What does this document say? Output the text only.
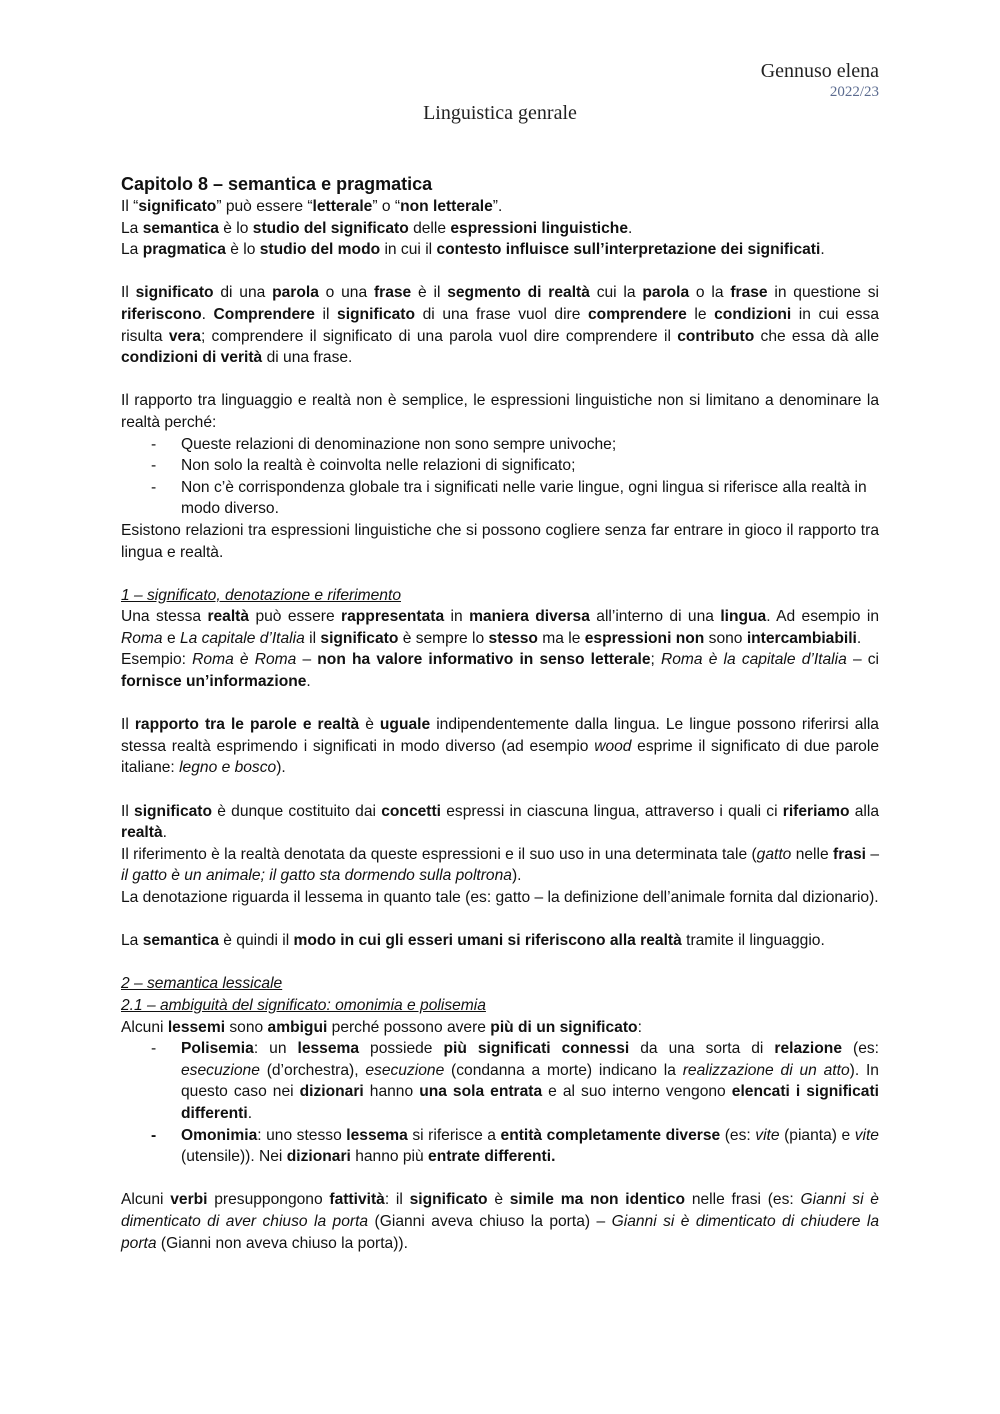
Gennuso elena
2022/23
Linguistica genrale

Capitolo 8 – semantica e pragmatica

Il “significato” può essere “letterale” o “non letterale”.

La semantica è lo studio del significato delle espressioni linguistiche.

La pragmatica è lo studio del modo in cui il contesto influisce sull’interpretazione dei significati.

Il significato di una parola o una frase è il segmento di realtà cui la parola o la frase in questione si riferiscono. Comprendere il significato di una frase vuol dire comprendere le condizioni in cui essa risulta vera; comprendere il significato di una parola vuol dire comprendere il contributo che essa dà alle condizioni di verità di una frase.

Il rapporto tra linguaggio e realtà non è semplice, le espressioni linguistiche non si limitano a denominare la realtà perché:

- Queste relazioni di denominazione non sono sempre univoche;
- Non solo la realtà è coinvolta nelle relazioni di significato;
- Non c’è corrispondenza globale tra i significati nelle varie lingue, ogni lingua si riferisce alla realtà in modo diverso.

Esistono relazioni tra espressioni linguistiche che si possono cogliere senza far entrare in gioco il rapporto tra lingua e realtà.

1 – significato, denotazione e riferimento

Una stessa realtà può essere rappresentata in maniera diversa all’interno di una lingua. Ad esempio in Roma e La capitale d’Italia il significato è sempre lo stesso ma le espressioni non sono intercambiabili.

Esempio: Roma è Roma – non ha valore informativo in senso letterale; Roma è la capitale d’Italia – ci fornisce un’informazione.

Il rapporto tra le parole e realtà è uguale indipendentemente dalla lingua. Le lingue possono riferirsi alla stessa realtà esprimendo i significati in modo diverso (ad esempio wood esprime il significato di due parole italiane: legno e bosco).

Il significato è dunque costituito dai concetti espressi in ciascuna lingua, attraverso i quali ci riferiamo alla realtà.

Il riferimento è la realtà denotata da queste espressioni e il suo uso in una determinata tale (gatto nelle frasi – il gatto è un animale; il gatto sta dormendo sulla poltrona).

La denotazione riguarda il lessema in quanto tale (es: gatto – la definizione dell’animale fornita dal dizionario).

La semantica è quindi il modo in cui gli esseri umani si riferiscono alla realtà tramite il linguaggio.

2 – semantica lessicale

2.1 – ambiguità del significato: omonimia e polisemia

Alcuni lessemi sono ambigui perché possono avere più di un significato:

- Polisemia: un lessema possiede più significati connessi da una sorta di relazione (es: esecuzione (d’orchestra), esecuzione (condanna a morte) indicano la realizzazione di un atto). In questo caso nei dizionari hanno una sola entrata e al suo interno vengono elencati i significati differenti.
- Omonimia: uno stesso lessema si riferisce a entità completamente diverse (es: vite (pianta) e vite (utensile)). Nei dizionari hanno più entrate differenti.

Alcuni verbi presuppongono fattività: il significato è simile ma non identico nelle frasi (es: Gianni si è dimenticato di aver chiuso la porta (Gianni aveva chiuso la porta) – Gianni si è dimenticato di chiudere la porta (Gianni non aveva chiuso la porta)).
